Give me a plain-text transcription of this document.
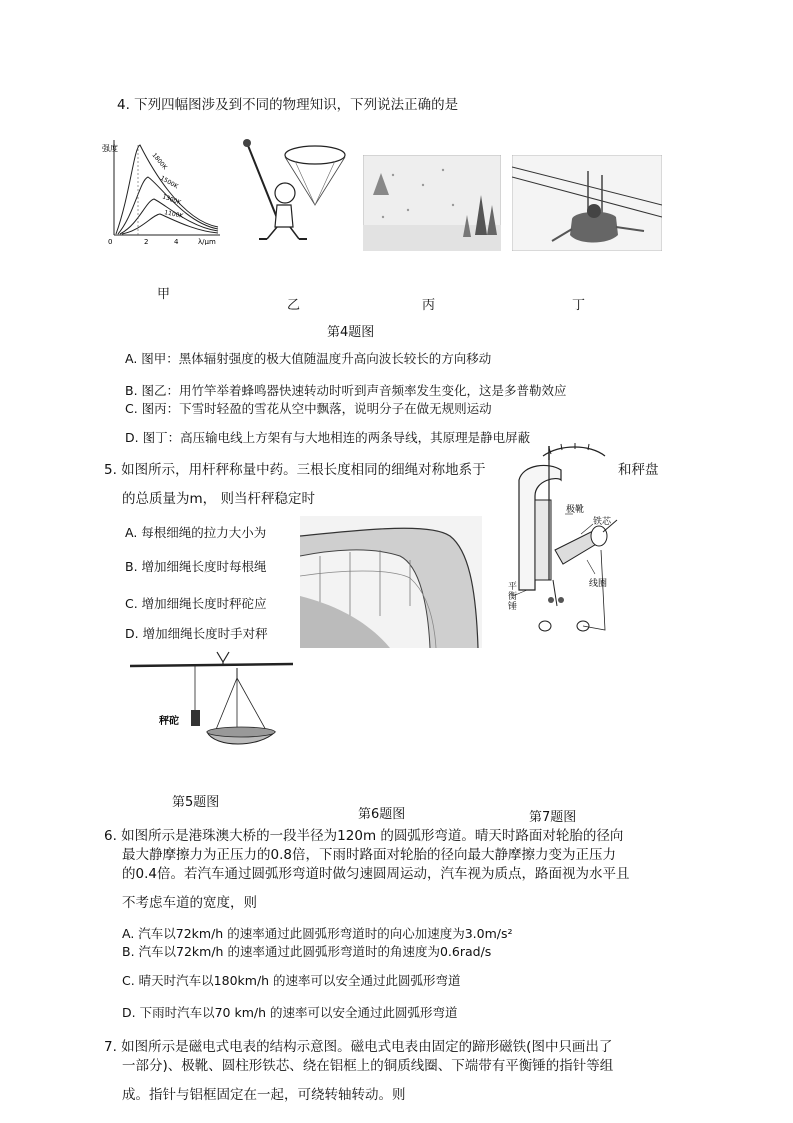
4. 下列四幅图涉及到不同的物理知识，下列说法正确的是
强度
λ/μm
0	2	4
1800K
1500K
1300K
1100K
甲
乙	丙	丁
第4题图
A. 图甲：黑体辐射强度的极大值随温度升高向波长较长的方向移动
B. 图乙：用竹竿举着蜂鸣器快速转动时听到声音频率发生变化，这是多普勒效应
C. 图丙：下雪时轻盈的雪花从空中飘落，说明分子在做无规则运动
D. 图丁：高压输电线上方架有与大地相连的两条导线，其原理是静电屏蔽
5. 如图所示，用杆秤称量中药。三根长度相同的细绳对称地系于	和秤盘
的总质量为m， 则当杆秤稳定时
A. 每根细绳的拉力大小为
B. 增加细绳长度时每根绳
C. 增加细绳长度时秤砣应
D. 增加细绳长度时手对秤
极靴
铁芯
线圈
平衡锤
秤砣
第5题图
第6题图	第7题图
6. 如图所示是港珠澳大桥的一段半径为120m 的圆弧形弯道。晴天时路面对轮胎的径向
最大静摩擦力为正压力的0.8倍，下雨时路面对轮胎的径向最大静摩擦力变为正压力
的0.4倍。若汽车通过圆弧形弯道时做匀速圆周运动，汽车视为质点，路面视为水平且
不考虑车道的宽度，则
A. 汽车以72km/h 的速率通过此圆弧形弯道时的向心加速度为3.0m/s²
B. 汽车以72km/h 的速率通过此圆弧形弯道时的角速度为0.6rad/s
C. 晴天时汽车以180km/h 的速率可以安全通过此圆弧形弯道
D. 下雨时汽车以70 km/h 的速率可以安全通过此圆弧形弯道
7. 如图所示是磁电式电表的结构示意图。磁电式电表由固定的蹄形磁铁(图中只画出了
一部分)、极靴、圆柱形铁芯、绕在铝框上的铜质线圈、下端带有平衡锤的指针等组
成。指针与铝框固定在一起，可绕转轴转动。则
